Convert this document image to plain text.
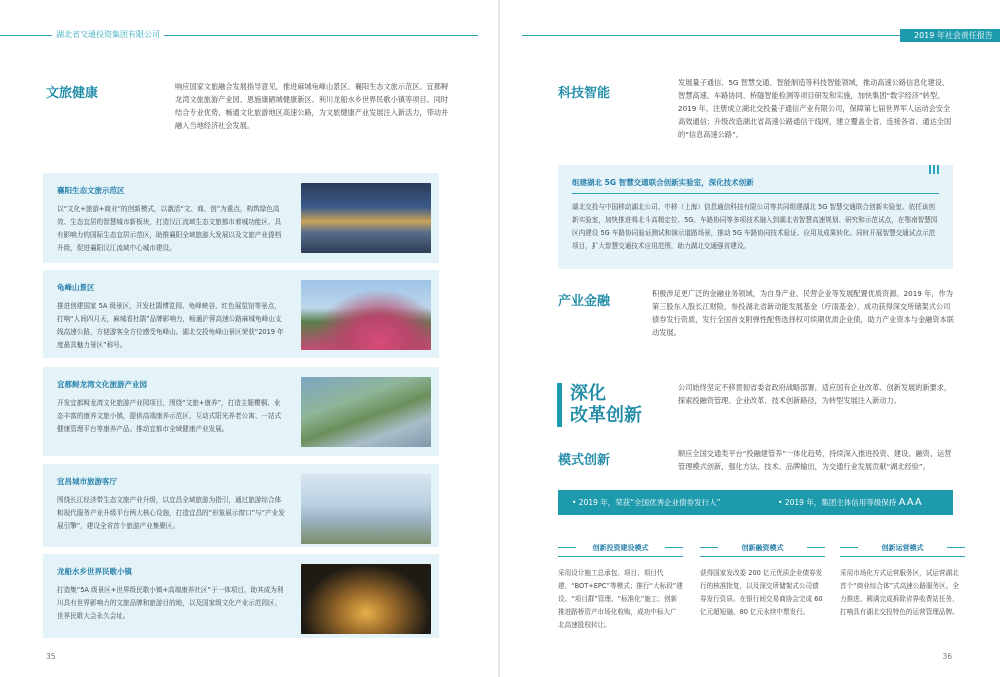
湖北省交通投资集团有限公司
文旅健康	响应国家文旅融合发展指导意见，推进麻城龟峰山景区、襄阳生态文旅示范区、宜都鲟龙湾文旅旅游产业园、恩施康硒城健康新区、利川龙船水乡世界民歌小镇等项目。同时结合专业优势，畅通文化旅游地区高速公路，为文旅健康产业发展注入新活力，带动并融入当地经济社会发展。
襄阳生态文旅示范区
以“文化+旅游+商业”的创新模式，以激活“文、商、创”为重点，构筑绿色高效、生态宜居的智慧城市新板块，打造汉江流域生态文旅都市着城功能区、具有影响力的国际生态宜居示范区，助推襄阳全域旅游大发展以及文旅产业提档升级，促进襄阳汉江流域中心城市建设。
龟峰山景区
推进创建国家 5A 级景区，开发杜鹃博览园、龟峰峡谷、红色展览馆等景点，打响“人间四月天，麻城看杜鹃”品牌影响力，畅通沪蓉高速公路麻城龟峰山支线高速公路，方便游客全方位感受龟峰山。湖北交投龟峰山景区荣获“2019 年度最具魅力景区”称号。
宜都鲟龙湾文化旅游产业园
开发宜都鲟龙湾文化旅游产业园项目，围绕“文旅+康养”，打造主题樱桐、业态丰富的康养文旅小镇，提供高端康养示范区、互动式阳光养老公寓、一站式健康管理平台等康养产品。推动宜都市全域健康产业发展。
宜昌城市旅游客厅
围绕长江经济带生态文旅产业升级，以宜昌全域旅游为指引，通过旅游综合体和现代服务产业升级平台两大核心设施，打造宜昌的“形象展示窗口”与“产业发展引擎”，建设全省首个旅游产业集聚区。
龙船水乡世界民歌小镇
打造集“5A 级景区+世界级民歌小镇+高端康养社区”于一体项目，助其成为利川具有世界影响力的文旅品牌和旅游目的地，以及国家级文化产业示范园区、世界民歌大会永久会址。
35
2019 年社会责任报告
科技智能
发展量子通信、5G 智慧交通、智能制造等科技智能领域，推动高速公路信息化建设、智慧高速、车路协同、桥隧智能检测等项目研发和实施，加快集团“数字经济”转型。2019 年，注册成立湖北交投量子通信产业有限公司，保障第七届世界军人运动会安全高效通信；升级改造湖北省高速公路通信干线网，建立覆盖全省、连接各省、通达全国的“信息高速公路”。
组建湖北 5G 智慧交通联合创新实验室，深化技术创新
湖北交投与中国移动湖北公司、中移（上海）信息通信科技有限公司等共同组建湖北 5G 智慧交通联合创新实验室。依托该创新实验室，加快推进将北斗高精定位、5G、车路协同等多项技术融入到湖北省智慧高速规划、研究和示范试点，在鄂南智慧园区内建设 5G 车路协同验证测试和演示道路场景，推动 5G 车路协同技术验证、应用及成果转化。同时开展智慧交通试点示范项目，扩大智慧交通技术应用范围，助力湖北交通强省建设。
产业金融
积极涉足更广泛的金融业务领域，为自身产业、民营企业等发展配置优质资源。2019 年，作为第三股东入股长江财险，参投湖北省新动能发展基金（疗雨基金），成功获得深交所储架式公司债券发行资质，发行全国首支附弹性配售选择权可续期优质企业债，助力产业资本与金融资本联动发展。
深化
改革创新
公司始终坚定不移贯彻省委省政府战略部署，适应国有企业改革、创新发展的新要求，探索投融资管理、企业改革、技术创新路径，为转型发展注入新动力。
模式创新	顺应全国交通类平台“投融建管养”一体化趋势，持续深入推进投资、建设、融资、运营管理模式创新，强化方法、技术、品牌输出，为交通行业发展贡献“湖北经验”。
• 2019 年，荣获“全国优秀企业债券发行人”	• 2019 年，集团主体信用等级保持 AAA
创新投资建设模式
采用设计施工总承包、项目、项目代建、“BOT+EPC”等模式；推行“大标段”建设、“项目群”管理、“标准化”施工；创新推进路桥资产市场化收购，成功中标大广北高速股权转让。
创新融资模式
获得国家发改委 200 亿元优质企业债券发行的核准批复，以及深交所储架式公司债券发行资质。在银行间交易商协会完成 60 亿元超短融、80 亿元永续中票发行。
创新运营模式
采用市场化方式运营服务区，试运营湖北首个“商业综合体”式高速公路服务区。全力推进、圆满完成拆除省界收费站任务，打响具有湖北交投特色的运营管理品牌。
36
